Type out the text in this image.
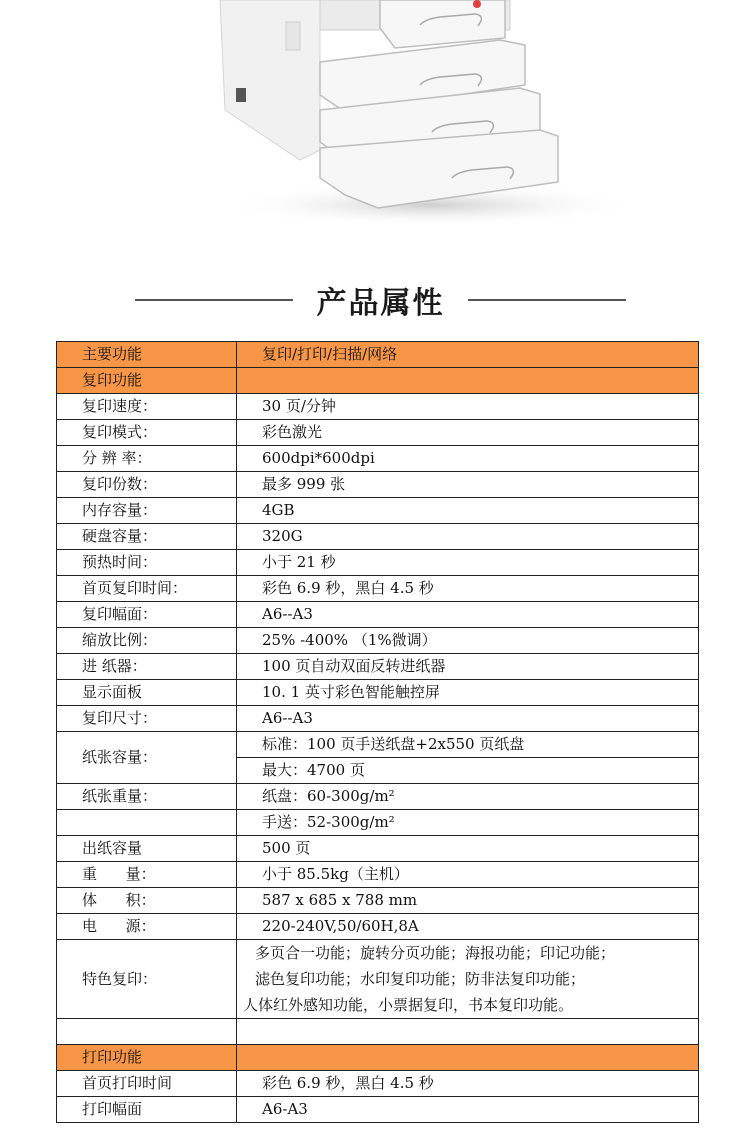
产品属性
主要功能	复印/打印/扫描/网络
复印功能	
复印速度：	30 页/分钟
复印模式：	彩色激光
分 辨 率：	600dpi*600dpi
复印份数：	最多 999 张
内存容量：	4GB
硬盘容量：	320G
预热时间：	小于 21 秒
首页复印时间：	彩色 6.9 秒，黑白 4.5 秒
复印幅面：	A6--A3
缩放比例：	25% -400% （1%微调）
进 纸器：	100 页自动双面反转进纸器
显示面板	10. 1 英寸彩色智能触控屏
复印尺寸：	A6--A3
纸张容量：	标准：100 页手送纸盘+2x550 页纸盘
	最大：4700 页
纸张重量：	纸盘：60-300g/m²
	手送：52-300g/m²
出纸容量	500 页
重      量：	小于 85.5kg（主机）
体      积：	587 x 685 x 788 mm
电      源：	220-240V,50/60H,8A
特色复印：	多页合一功能；旋转分页功能；海报功能；印记功能；
滤色复印功能；水印复印功能；防非法复印功能；
人体红外感知功能，小票据复印，书本复印功能。

打印功能	
首页打印时间	彩色 6.9 秒，黑白 4.5 秒
打印幅面	A6-A3
